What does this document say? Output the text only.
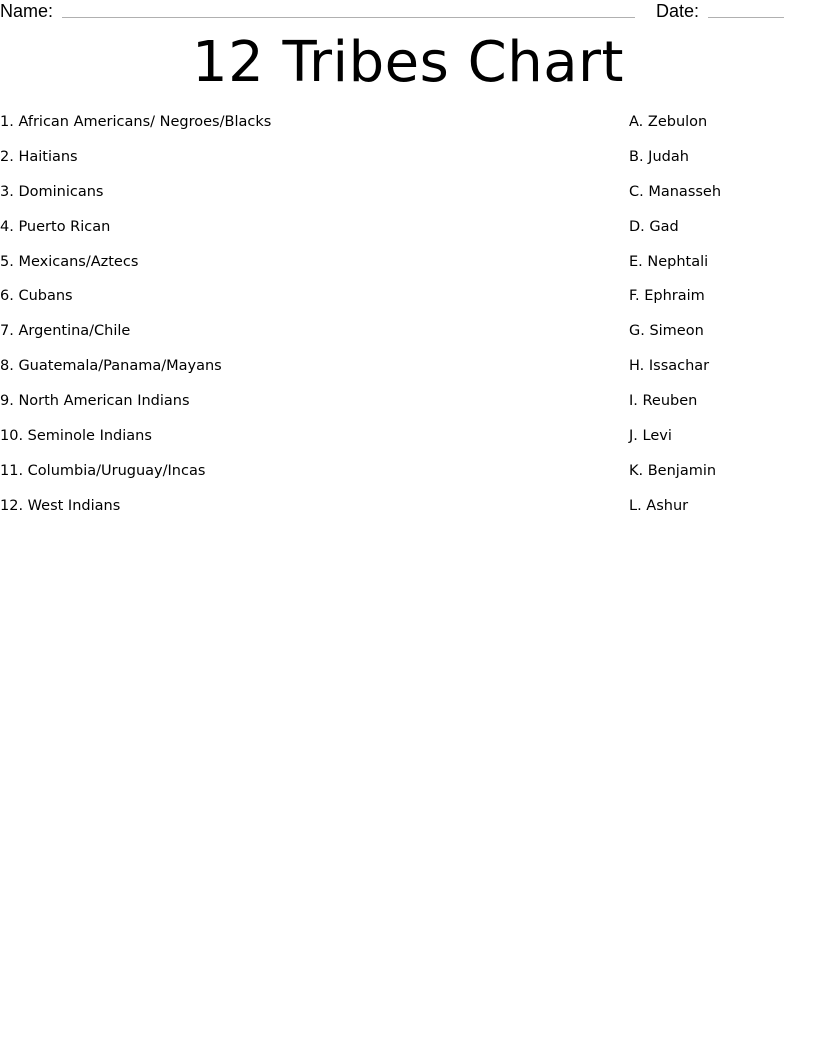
Name:	Date:
12 Tribes Chart
1. African Americans/ Negroes/Blacks
2. Haitians
3. Dominicans
4. Puerto Rican
5. Mexicans/Aztecs
6. Cubans
7. Argentina/Chile
8. Guatemala/Panama/Mayans
9. North American Indians
10. Seminole Indians
11. Columbia/Uruguay/Incas
12. West Indians
A. Zebulon
B. Judah
C. Manasseh
D. Gad
E. Nephtali
F. Ephraim
G. Simeon
H. Issachar
I. Reuben
J. Levi
K. Benjamin
L. Ashur
